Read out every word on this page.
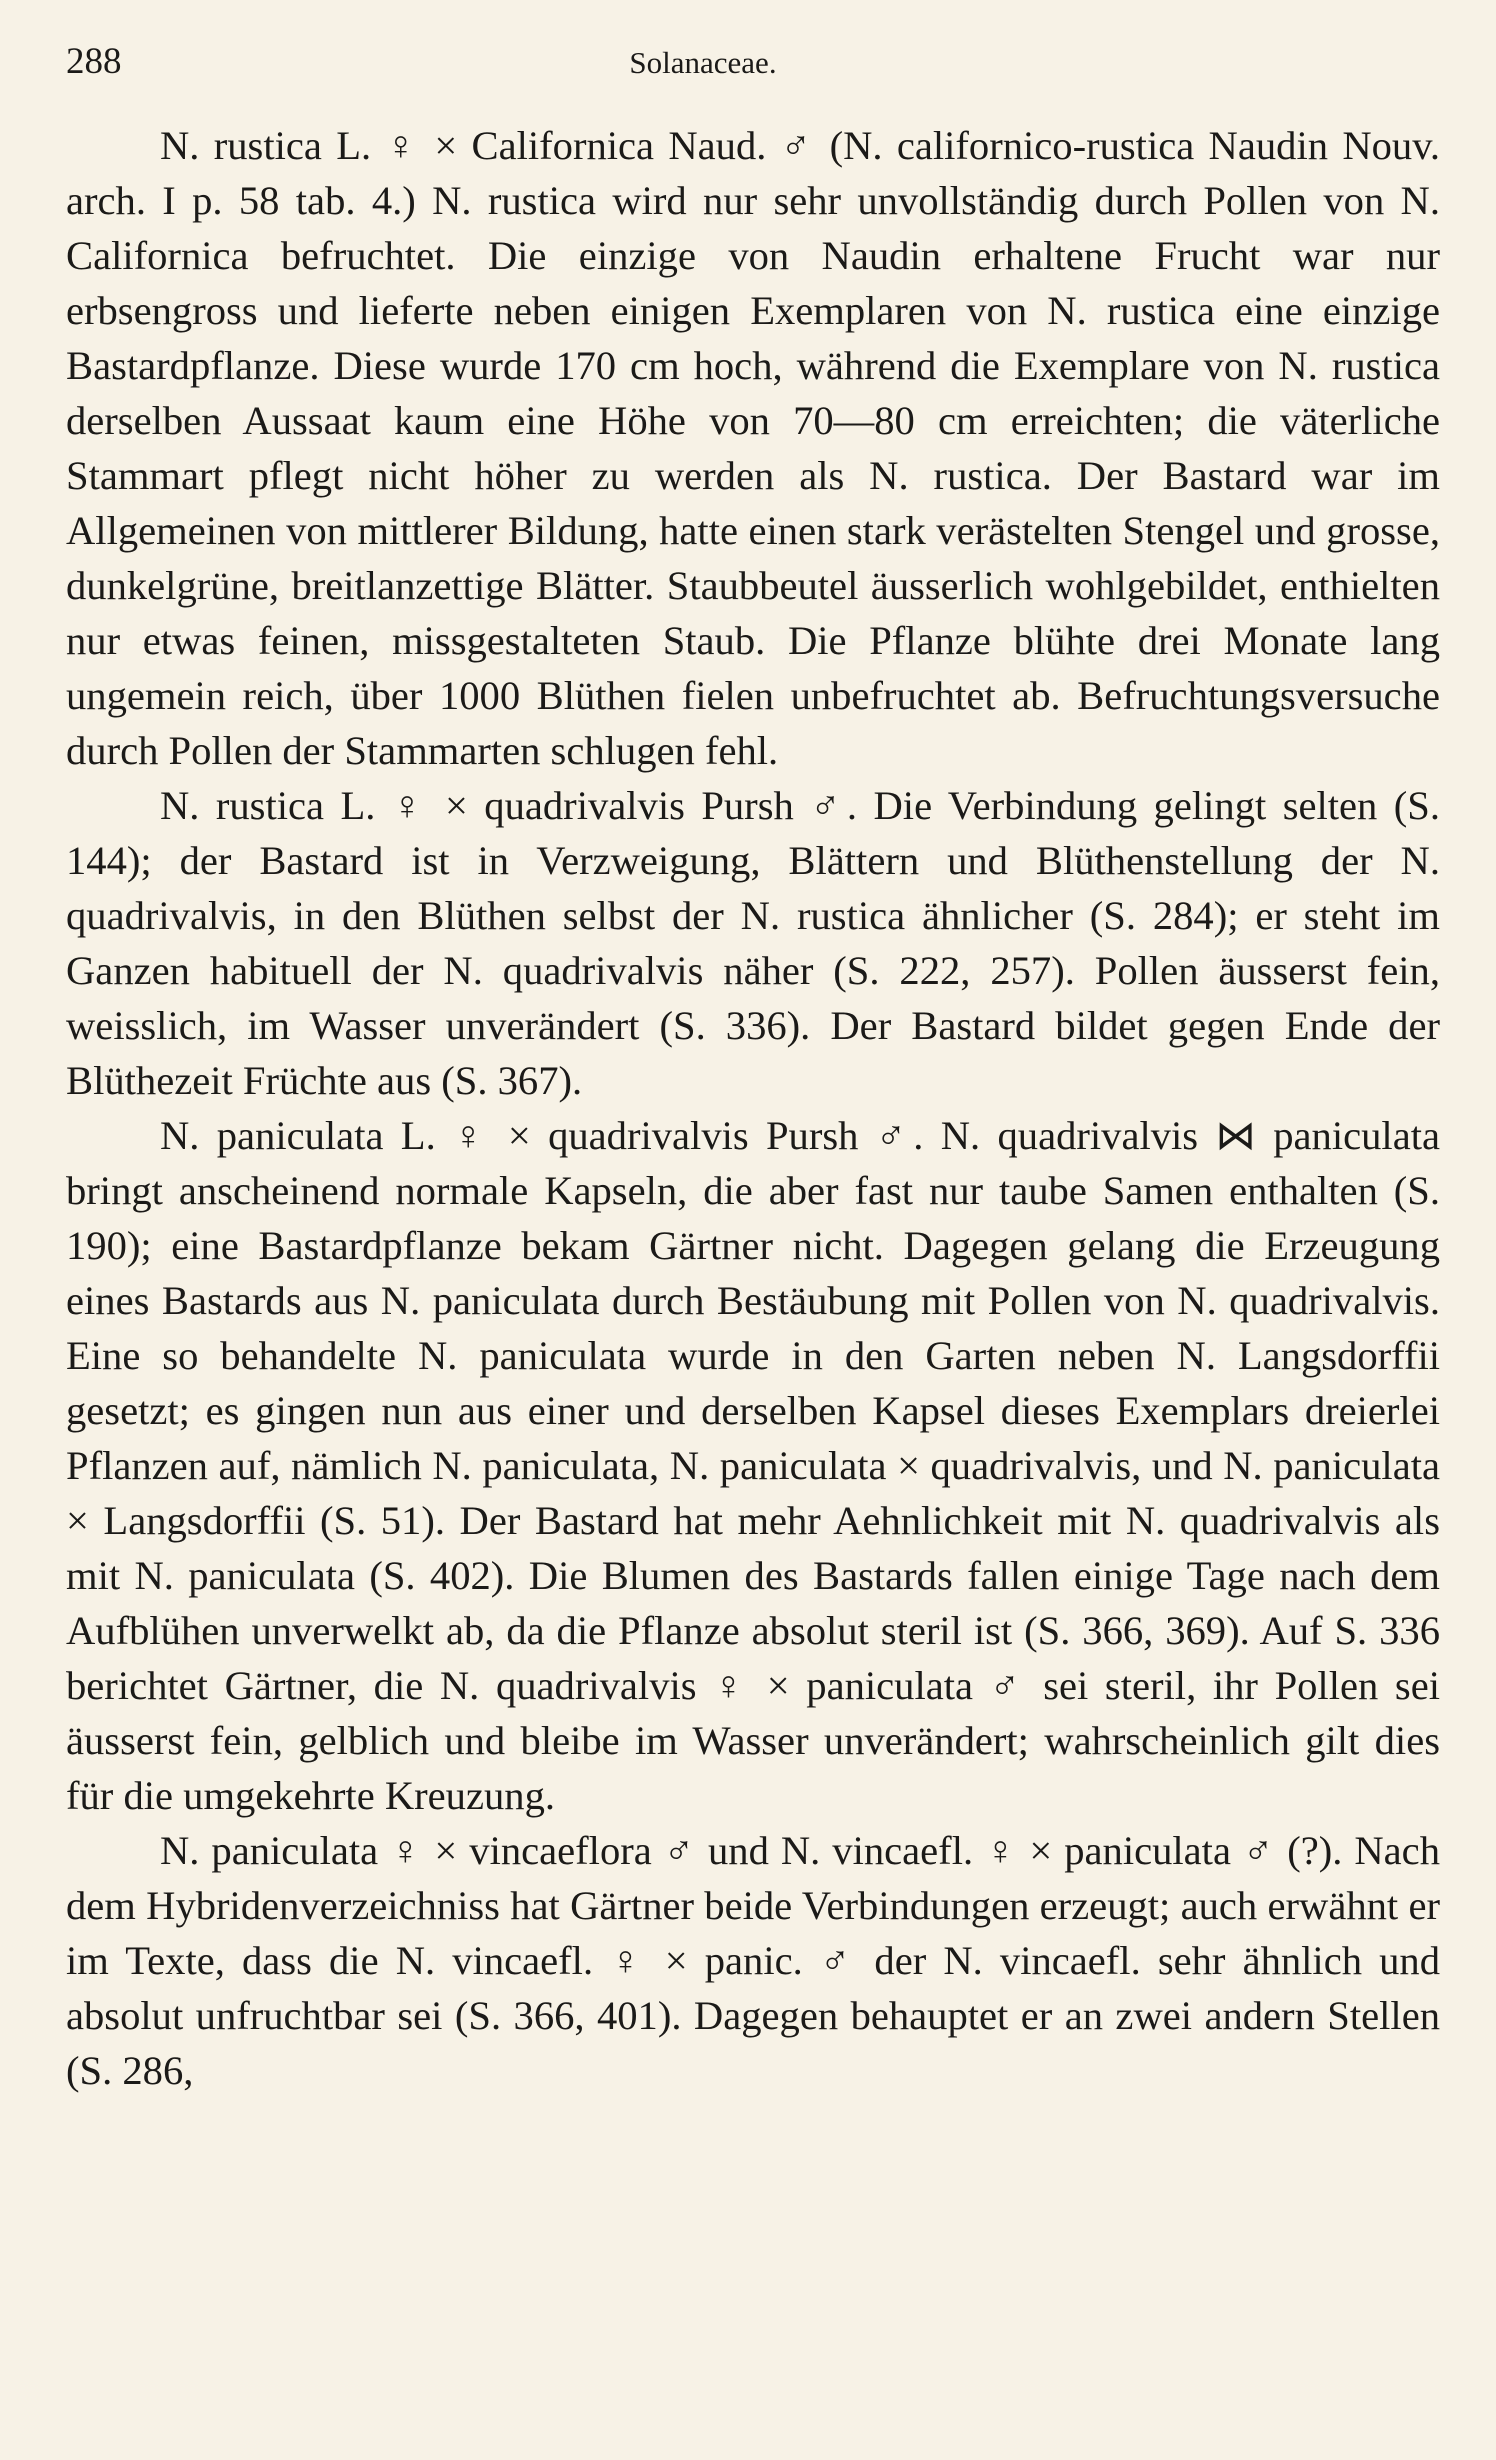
288	Solanaceae.

N. rustica L. ♀ × Californica Naud. ♂ (N. californico-rustica Naudin Nouv. arch. I p. 58 tab. 4.) N. rustica wird nur sehr unvollständig durch Pollen von N. Californica befruchtet. Die einzige von Naudin erhaltene Frucht war nur erbsengross und lieferte neben einigen Exemplaren von N. rustica eine einzige Bastardpflanze. Diese wurde 170 cm hoch, während die Exemplare von N. rustica derselben Aussaat kaum eine Höhe von 70—80 cm erreichten; die väterliche Stammart pflegt nicht höher zu werden als N. rustica. Der Bastard war im Allgemeinen von mittlerer Bildung, hatte einen stark verästelten Stengel und grosse, dunkelgrüne, breitlanzettige Blätter. Staubbeutel äusserlich wohlgebildet, enthielten nur etwas feinen, missgestalteten Staub. Die Pflanze blühte drei Monate lang ungemein reich, über 1000 Blüthen fielen unbefruchtet ab. Befruchtungsversuche durch Pollen der Stammarten schlugen fehl.

N. rustica L. ♀ × quadrivalvis Pursh ♂. Die Verbindung gelingt selten (S. 144); der Bastard ist in Verzweigung, Blättern und Blüthenstellung der N. quadrivalvis, in den Blüthen selbst der N. rustica ähnlicher (S. 284); er steht im Ganzen habituell der N. quadrivalvis näher (S. 222, 257). Pollen äusserst fein, weisslich, im Wasser unverändert (S. 336). Der Bastard bildet gegen Ende der Blüthezeit Früchte aus (S. 367).

N. paniculata L. ♀ × quadrivalvis Pursh ♂. N. quadrivalvis ⋈ paniculata bringt anscheinend normale Kapseln, die aber fast nur taube Samen enthalten (S. 190); eine Bastardpflanze bekam Gärtner nicht. Dagegen gelang die Erzeugung eines Bastards aus N. paniculata durch Bestäubung mit Pollen von N. quadrivalvis. Eine so behandelte N. paniculata wurde in den Garten neben N. Langsdorffii gesetzt; es gingen nun aus einer und derselben Kapsel dieses Exemplars dreierlei Pflanzen auf, nämlich N. paniculata, N. paniculata × quadrivalvis, und N. paniculata × Langsdorffii (S. 51). Der Bastard hat mehr Aehnlichkeit mit N. quadrivalvis als mit N. paniculata (S. 402). Die Blumen des Bastards fallen einige Tage nach dem Aufblühen unverwelkt ab, da die Pflanze absolut steril ist (S. 366, 369). Auf S. 336 berichtet Gärtner, die N. quadrivalvis ♀ × paniculata ♂ sei steril, ihr Pollen sei äusserst fein, gelblich und bleibe im Wasser unverändert; wahrscheinlich gilt dies für die umgekehrte Kreuzung.

N. paniculata ♀ × vincaeflora ♂ und N. vincaefl. ♀ × paniculata ♂ (?). Nach dem Hybridenverzeichniss hat Gärtner beide Verbindungen erzeugt; auch erwähnt er im Texte, dass die N. vincaefl. ♀ × panic. ♂ der N. vincaefl. sehr ähnlich und absolut unfruchtbar sei (S. 366, 401). Dagegen behauptet er an zwei andern Stellen (S. 286,
